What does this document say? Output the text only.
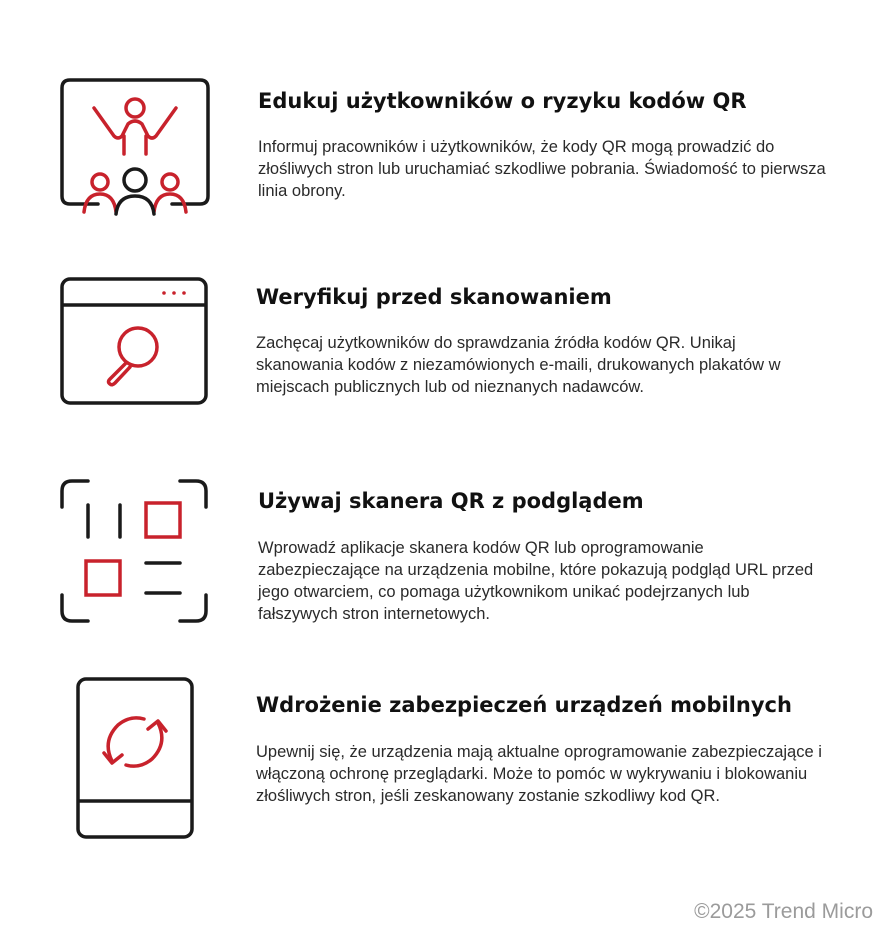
Edukuj użytkowników o ryzyku kodów QR

Informuj pracowników i użytkowników, że kody QR mogą prowadzić do złośliwych stron lub uruchamiać szkodliwe pobrania. Świadomość to pierwsza linia obrony.

Weryfikuj przed skanowaniem

Zachęcaj użytkowników do sprawdzania źródła kodów QR. Unikaj skanowania kodów z niezamówionych e-maili, drukowanych plakatów w miejscach publicznych lub od nieznanych nadawców.

Używaj skanera QR z podglądem

Wprowadź aplikacje skanera kodów QR lub oprogramowanie zabezpieczające na urządzenia mobilne, które pokazują podgląd URL przed jego otwarciem, co pomaga użytkownikom unikać podejrzanych lub fałszywych stron internetowych.

Wdrożenie zabezpieczeń urządzeń mobilnych

Upewnij się, że urządzenia mają aktualne oprogramowanie zabezpieczające i włączoną ochronę przeglądarki. Może to pomóc w wykrywaniu i blokowaniu złośliwych stron, jeśli zeskanowany zostanie szkodliwy kod QR.

©2025 Trend Micro
